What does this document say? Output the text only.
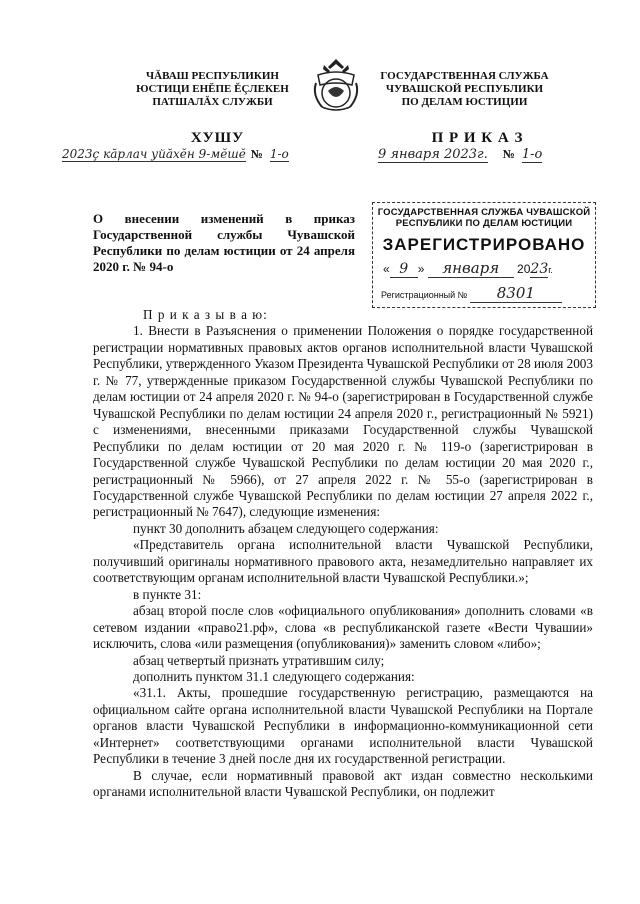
ЧĂВАШ РЕСПУБЛИКИН
ЮСТИЦИ ЕНĔПЕ ĔÇЛЕКЕН
ПАТШАЛĂХ СЛУЖБИ
ГОСУДАРСТВЕННАЯ СЛУЖБА
ЧУВАШСКОЙ РЕСПУБЛИКИ
ПО ДЕЛАМ ЮСТИЦИИ
ХУШУ	П Р И К А З
2023ç кăрлач уйăхĕн 9-мĕшĕ № 1-о	9 января 2023г. № 1-о
О внесении изменений в приказ Государственной службы Чувашской Республики по делам юстиции от 24 апреля 2020 г. № 94-о
ГОСУДАРСТВЕННАЯ СЛУЖБА ЧУВАШСКОЙ
РЕСПУБЛИКИ ПО ДЕЛАМ ЮСТИЦИИ
ЗАРЕГИСТРИРОВАНО
« 9 » января 2023г.
Регистрационный № 8301

П р и к а з ы в а ю:

1. Внести в Разъяснения о применении Положения о порядке государственной регистрации нормативных правовых актов органов исполнительной власти Чувашской Республики, утвержденного Указом Президента Чувашской Республики от 28 июля 2003 г. № 77, утвержденные приказом Государственной службы Чувашской Республики по делам юстиции от 24 апреля 2020 г. № 94-о (зарегистрирован в Государственной службе Чувашской Республики по делам юстиции 24 апреля 2020 г., регистрационный № 5921) с изменениями, внесенными приказами Государственной службы Чувашской Республики по делам юстиции от 20 мая 2020 г. № 119-о (зарегистрирован в Государственной службе Чувашской Республики по делам юстиции 20 мая 2020 г., регистрационный № 5966), от 27 апреля 2022 г. № 55-о (зарегистрирован в Государственной службе Чувашской Республики по делам юстиции 27 апреля 2022 г., регистрационный № 7647), следующие изменения:

пункт 30 дополнить абзацем следующего содержания:

«Представитель органа исполнительной власти Чувашской Республики, получивший оригиналы нормативного правового акта, незамедлительно направляет их соответствующим органам исполнительной власти Чувашской Республики.»;

в пункте 31:

абзац второй после слов «официального опубликования» дополнить словами «в сетевом издании «право21.рф», слова «в республиканской газете «Вести Чувашии» исключить, слова «или размещения (опубликования)» заменить словом «либо»;

абзац четвертый признать утратившим силу;

дополнить пунктом 31.1 следующего содержания:

«31.1. Акты, прошедшие государственную регистрацию, размещаются на официальном сайте органа исполнительной власти Чувашской Республики на Портале органов власти Чувашской Республики в информационно-коммуникационной сети «Интернет» соответствующими органами исполнительной власти Чувашской Республики в течение 3 дней после дня их государственной регистрации.

В случае, если нормативный правовой акт издан совместно несколькими органами исполнительной власти Чувашской Республики, он подлежит
